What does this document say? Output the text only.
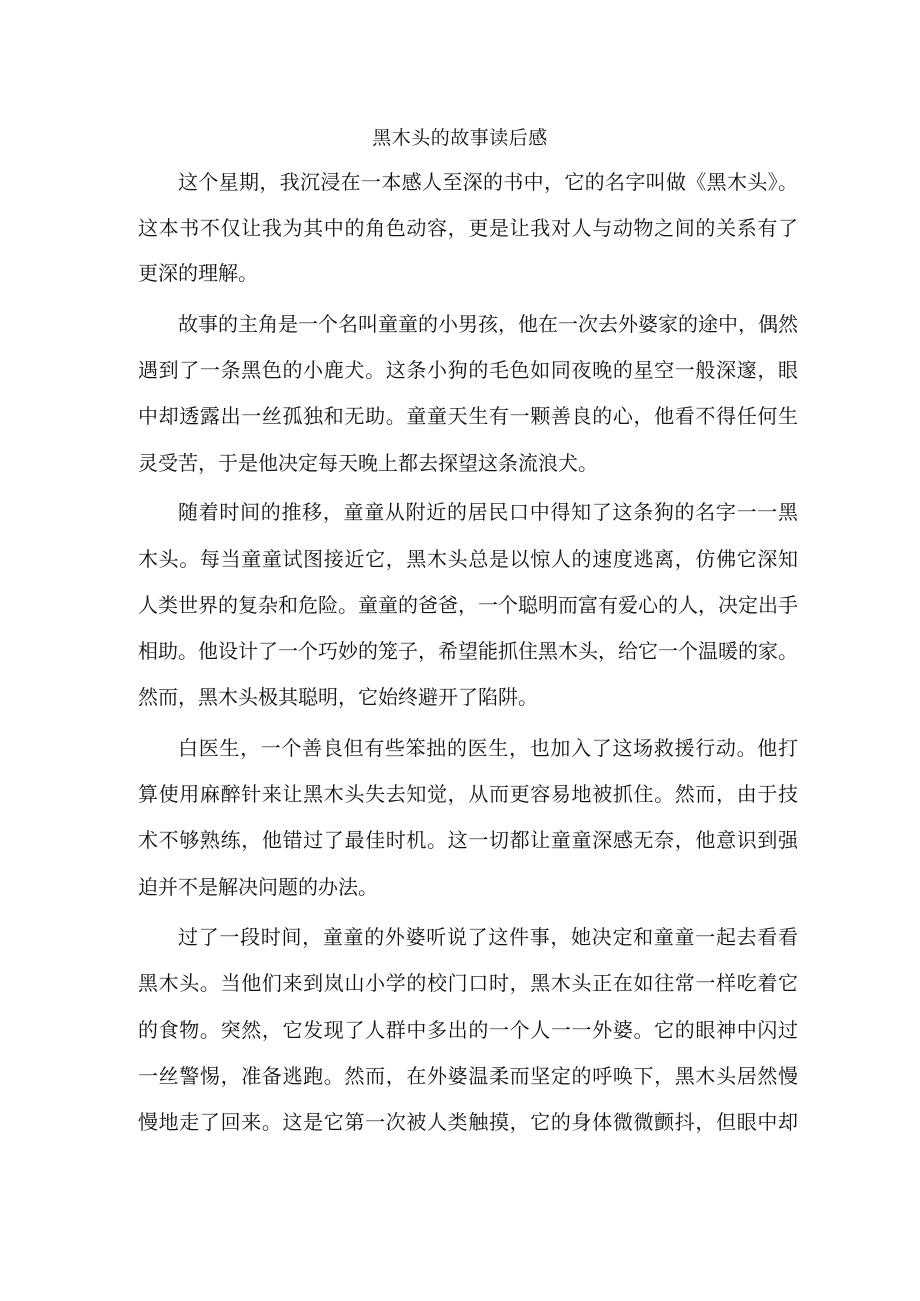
黑木头的故事读后感
这个星期，我沉浸在一本感人至深的书中，它的名字叫做《黑木头》。
这本书不仅让我为其中的角色动容，更是让我对人与动物之间的关系有了
更深的理解。
故事的主角是一个名叫童童的小男孩，他在一次去外婆家的途中，偶然
遇到了一条黑色的小鹿犬。这条小狗的毛色如同夜晚的星空一般深邃，眼
中却透露出一丝孤独和无助。童童天生有一颗善良的心，他看不得任何生
灵受苦，于是他决定每天晚上都去探望这条流浪犬。
随着时间的推移，童童从附近的居民口中得知了这条狗的名字一一黑
木头。每当童童试图接近它，黑木头总是以惊人的速度逃离，仿佛它深知
人类世界的复杂和危险。童童的爸爸，一个聪明而富有爱心的人，决定出手
相助。他设计了一个巧妙的笼子，希望能抓住黑木头，给它一个温暖的家。
然而，黑木头极其聪明，它始终避开了陷阱。
白医生，一个善良但有些笨拙的医生，也加入了这场救援行动。他打
算使用麻醉针来让黑木头失去知觉，从而更容易地被抓住。然而，由于技
术不够熟练，他错过了最佳时机。这一切都让童童深感无奈，他意识到强
迫并不是解决问题的办法。
过了一段时间，童童的外婆听说了这件事，她决定和童童一起去看看
黑木头。当他们来到岚山小学的校门口时，黑木头正在如往常一样吃着它
的食物。突然，它发现了人群中多出的一个人一一外婆。它的眼神中闪过
一丝警惕，准备逃跑。然而，在外婆温柔而坚定的呼唤下，黑木头居然慢
慢地走了回来。这是它第一次被人类触摸，它的身体微微颤抖，但眼中却
